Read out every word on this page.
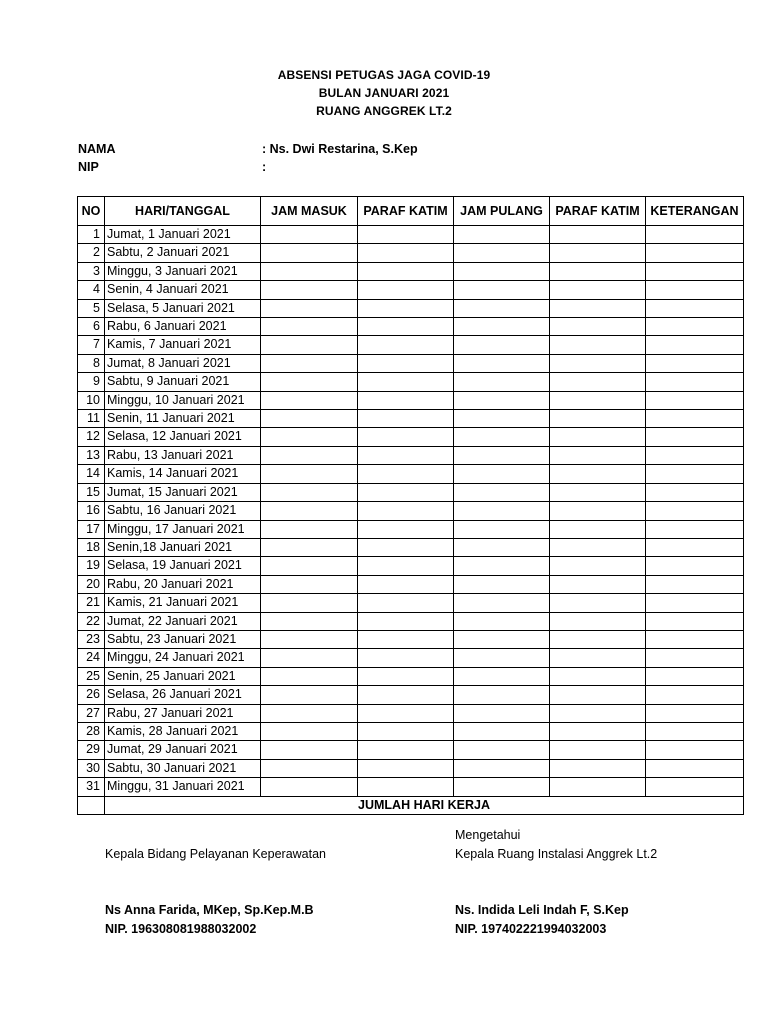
ABSENSI PETUGAS JAGA COVID-19
BULAN JANUARI 2021
RUANG ANGGREK LT.2
NAMA	: Ns. Dwi Restarina, S.Kep
NIP	:
NO	HARI/TANGGAL	JAM MASUK	PARAF KATIM	JAM PULANG	PARAF KATIM	KETERANGAN
1	Jumat, 1 Januari 2021					
2	Sabtu, 2 Januari 2021					
3	Minggu, 3 Januari 2021					
4	Senin, 4 Januari 2021					
5	Selasa, 5 Januari 2021					
6	Rabu, 6 Januari 2021					
7	Kamis, 7 Januari 2021					
8	Jumat, 8 Januari 2021					
9	Sabtu, 9 Januari 2021					
10	Minggu, 10 Januari 2021					
11	Senin, 11 Januari 2021					
12	Selasa, 12 Januari 2021					
13	Rabu, 13 Januari 2021					
14	Kamis, 14 Januari 2021					
15	Jumat, 15 Januari 2021					
16	Sabtu, 16 Januari 2021					
17	Minggu, 17 Januari 2021					
18	Senin,18 Januari 2021					
19	Selasa, 19 Januari 2021					
20	Rabu, 20 Januari 2021					
21	Kamis, 21 Januari 2021					
22	Jumat, 22 Januari 2021					
23	Sabtu, 23 Januari 2021					
24	Minggu, 24 Januari 2021					
25	Senin, 25 Januari 2021					
26	Selasa, 26 Januari 2021					
27	Rabu, 27 Januari 2021					
28	Kamis, 28 Januari 2021					
29	Jumat, 29 Januari 2021					
30	Sabtu, 30 Januari 2021					
31	Minggu, 31 Januari 2021					
	JUMLAH HARI KERJA					
Mengetahui
Kepala Bidang Pelayanan Keperawatan	Kepala Ruang Instalasi Anggrek Lt.2
Ns Anna Farida, MKep, Sp.Kep.M.B	Ns. Indida Leli Indah F, S.Kep
NIP. 196308081988032002	NIP. 197402221994032003
